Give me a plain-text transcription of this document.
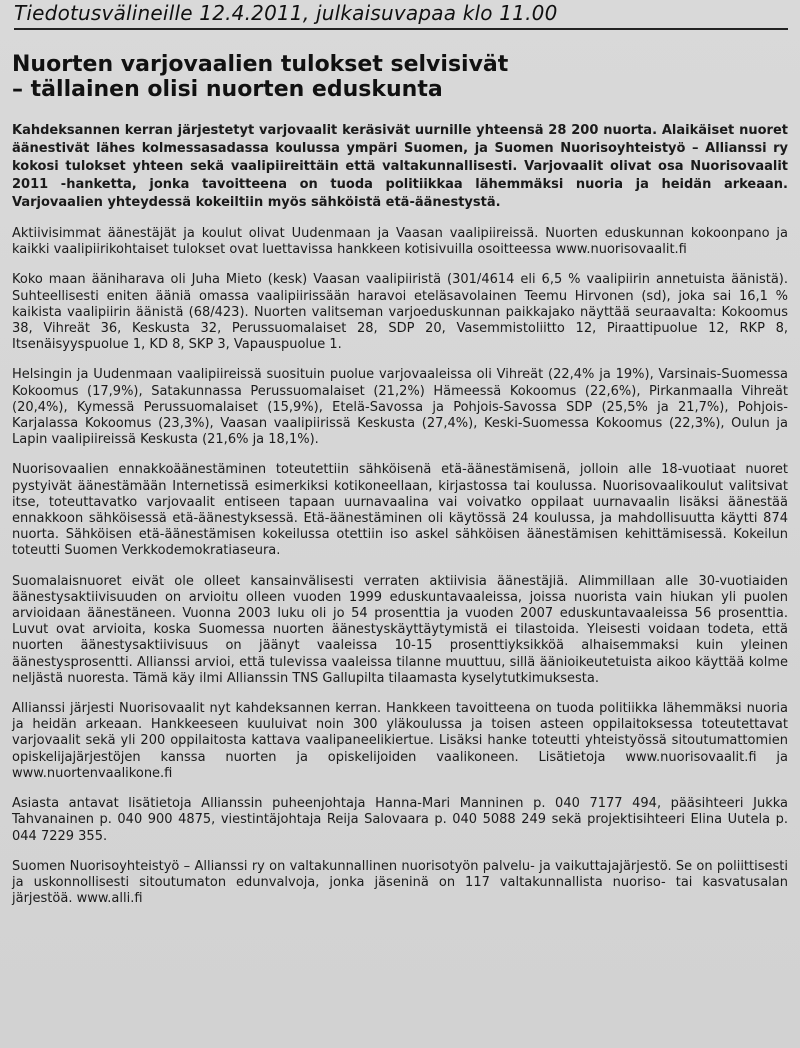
Tiedotusvälineille 12.4.2011, julkaisuvapaa klo 11.00
Nuorten varjovaalien tulokset selvisivät
– tällainen olisi nuorten eduskunta

Kahdeksannen kerran järjestetyt varjovaalit keräsivät uurnille yhteensä 28 200 nuorta. Alaikäiset nuoret äänestivät lähes kolmessasadassa koulussa ympäri Suomen, ja Suomen Nuorisoyhteistyö – Allianssi ry kokosi tulokset yhteen sekä vaalipiireittäin että valtakunnallisesti. Varjovaalit olivat osa Nuorisovaalit 2011 -hanketta, jonka tavoitteena on tuoda politiikkaa lähemmäksi nuoria ja heidän arkeaan. Varjovaalien yhteydessä kokeiltiin myös sähköistä etä-äänestystä.

Aktiivisimmat äänestäjät ja koulut olivat Uudenmaan ja Vaasan vaalipiireissä. Nuorten eduskunnan kokoonpano ja kaikki vaalipiirikohtaiset tulokset ovat luettavissa hankkeen kotisivuilla osoitteessa www.nuorisovaalit.fi

Koko maan ääniharava oli Juha Mieto (kesk) Vaasan vaalipiiristä (301/4614 eli 6,5 % vaalipiirin annetuista äänistä). Suhteellisesti eniten ääniä omassa vaalipiirissään haravoi eteläsavolainen Teemu Hirvonen (sd), joka sai 16,1 % kaikista vaalipiirin äänistä (68/423). Nuorten valitseman varjoeduskunnan paikkajako näyttää seuraavalta: Kokoomus 38, Vihreät 36, Keskusta 32, Perussuomalaiset 28, SDP 20, Vasemmistoliitto 12, Piraattipuolue 12, RKP 8, Itsenäisyyspuolue 1, KD 8, SKP 3, Vapauspuolue 1.

Helsingin ja Uudenmaan vaalipiireissä suosituin puolue varjovaaleissa oli Vihreät (22,4% ja 19%), Varsinais-Suomessa Kokoomus (17,9%), Satakunnassa Perussuomalaiset (21,2%) Hämeessä Kokoomus (22,6%), Pirkanmaalla Vihreät (20,4%), Kymessä Perussuomalaiset (15,9%), Etelä-Savossa ja Pohjois-Savossa SDP (25,5% ja 21,7%), Pohjois-Karjalassa Kokoomus (23,3%), Vaasan vaalipiirissä Keskusta (27,4%), Keski-Suomessa Kokoomus (22,3%), Oulun ja Lapin vaalipiireissä Keskusta (21,6% ja 18,1%).

Nuorisovaalien ennakkoäänestäminen toteutettiin sähköisenä etä-äänestämisenä, jolloin alle 18-vuotiaat nuoret pystyivät äänestämään Internetissä esimerkiksi kotikoneellaan, kirjastossa tai koulussa. Nuorisovaalikoulut valitsivat itse, toteuttavatko varjovaalit entiseen tapaan uurnavaalina vai voivatko oppilaat uurnavaalin lisäksi äänestää ennakkoon sähköisessä etä-äänestyksessä. Etä-äänestäminen oli käytössä 24 koulussa, ja mahdollisuutta käytti 874 nuorta. Sähköisen etä-äänestämisen kokeilussa otettiin iso askel sähköisen äänestämisen kehittämisessä. Kokeilun toteutti Suomen Verkkodemokratiaseura.

Suomalaisnuoret eivät ole olleet kansainvälisesti verraten aktiivisia äänestäjiä. Alimmillaan alle 30-vuotiaiden äänestysaktiivisuuden on arvioitu olleen vuoden 1999 eduskuntavaaleissa, joissa nuorista vain hiukan yli puolen arvioidaan äänestäneen. Vuonna 2003 luku oli jo 54 prosenttia ja vuoden 2007 eduskuntavaaleissa 56 prosenttia. Luvut ovat arvioita, koska Suomessa nuorten äänestyskäyttäytymistä ei tilastoida. Yleisesti voidaan todeta, että nuorten äänestysaktiivisuus on jäänyt vaaleissa 10-15 prosenttiyksikköä alhaisemmaksi kuin yleinen äänestysprosentti. Allianssi arvioi, että tulevissa vaaleissa tilanne muuttuu, sillä äänioikeutetuista aikoo käyttää kolme neljästä nuoresta. Tämä käy ilmi Allianssin TNS Gallupilta tilaamasta kyselytutkimuksesta.

Allianssi järjesti Nuorisovaalit nyt kahdeksannen kerran. Hankkeen tavoitteena on tuoda politiikka lähemmäksi nuoria ja heidän arkeaan. Hankkeeseen kuuluivat noin 300 yläkoulussa ja toisen asteen oppilaitoksessa toteutettavat varjovaalit sekä yli 200 oppilaitosta kattava vaalipaneelikiertue. Lisäksi hanke toteutti yhteistyössä sitoutumattomien opiskelijajärjestöjen kanssa nuorten ja opiskelijoiden vaalikoneen. Lisätietoja www.nuorisovaalit.fi ja www.nuortenvaalikone.fi

Asiasta antavat lisätietoja Allianssin puheenjohtaja Hanna-Mari Manninen p. 040 7177 494, pääsihteeri Jukka Tahvanainen p. 040 900 4875, viestintäjohtaja Reija Salovaara p. 040 5088 249 sekä projektisihteeri Elina Uutela p. 044 7229 355.

Suomen Nuorisoyhteistyö – Allianssi ry on valtakunnallinen nuorisotyön palvelu- ja vaikuttajajärjestö. Se on poliittisesti ja uskonnollisesti sitoutumaton edunvalvoja, jonka jäseninä on 117 valtakunnallista nuoriso- tai kasvatusalan järjestöä. www.alli.fi
